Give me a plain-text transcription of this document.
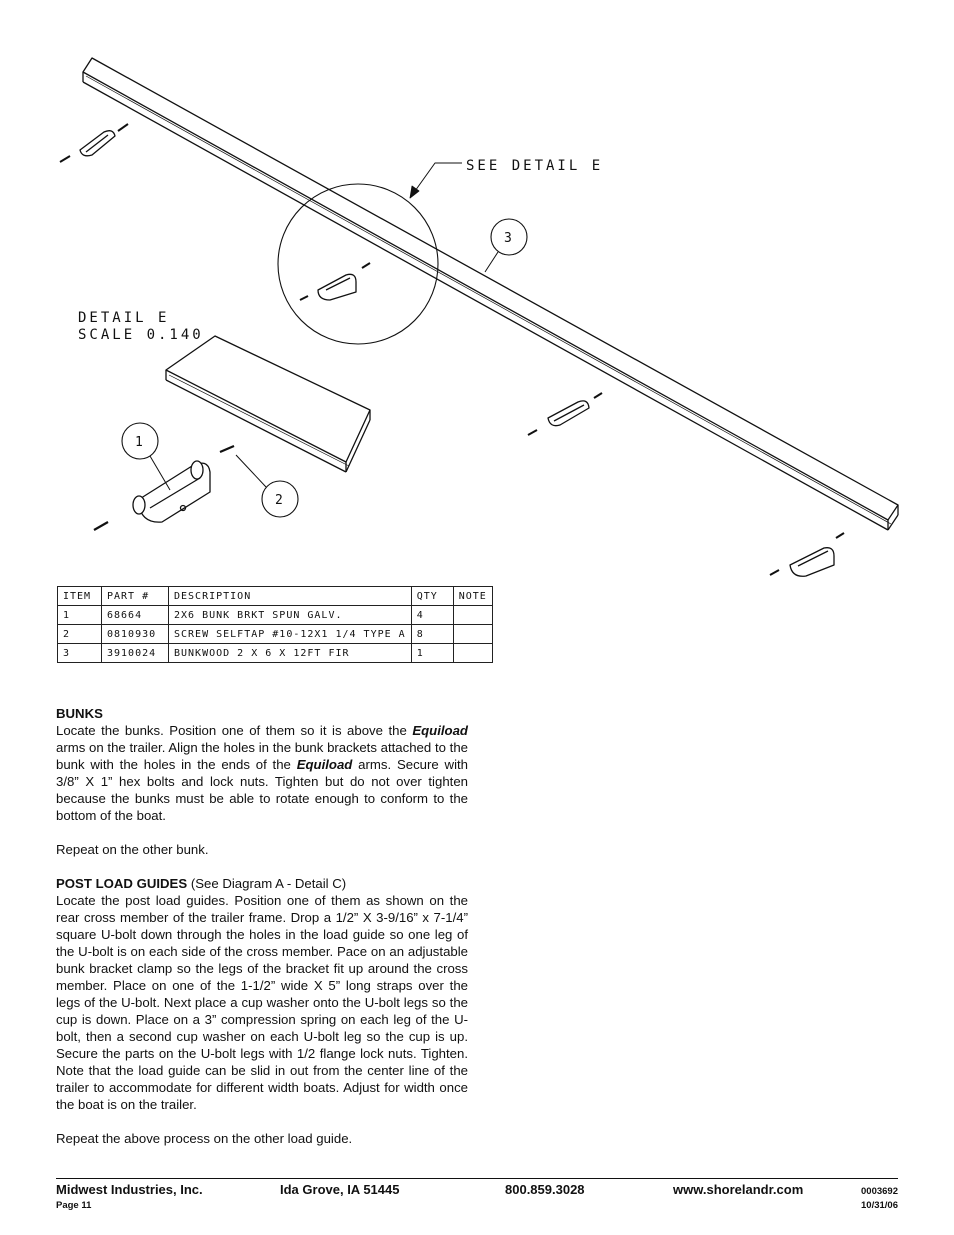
SEE DETAIL E
DETAIL E
SCALE 0.140
3
1
2
ITEM	PART #	DESCRIPTION	QTY	NOTE
1	68664	2X6 BUNK BRKT SPUN GALV.	4	
2	0810930	SCREW SELFTAP #10-12X1 1/4 TYPE A	8	
3	3910024	BUNKWOOD 2 X 6 X 12FT FIR	1	

BUNKS

Locate the bunks. Position one of them so it is above the Equiload arms on the trailer. Align the holes in the bunk brackets attached to the bunk with the holes in the ends of the Equiload arms. Secure with 3/8” X 1” hex bolts and lock nuts. Tighten but do not over tighten because the bunks must be able to rotate enough to conform to the bottom of the boat.

Repeat on the other bunk.

POST LOAD GUIDES (See Diagram A - Detail C)

Locate the post load guides. Position one of them as shown on the rear cross member of the trailer frame. Drop a 1/2” X 3-9/16” x 7-1/4” square U-bolt down through the holes in the load guide so one leg of the U-bolt is on each side of the cross member. Pace on an adjustable bunk bracket clamp so the legs of the bracket fit up around the cross member. Place on one of the 1-1/2” wide X 5” long straps over the legs of the U-bolt. Next place a cup washer onto the U-bolt legs so the cup is down. Place on a 3” compression spring on each leg of the U-bolt, then a second cup washer on each U-bolt leg so the cup is up. Secure the parts on the U-bolt legs with 1/2 flange lock nuts. Tighten. Note that the load guide can be slid in out from the center line of the trailer to accommodate for different width boats. Adjust for width once the boat is on the trailer.

Repeat the above process on the other load guide.

Midwest Industries, Inc.
Page 11
Ida Grove, IA 51445	800.859.3028	www.shorelandr.com	0003692
10/31/06
